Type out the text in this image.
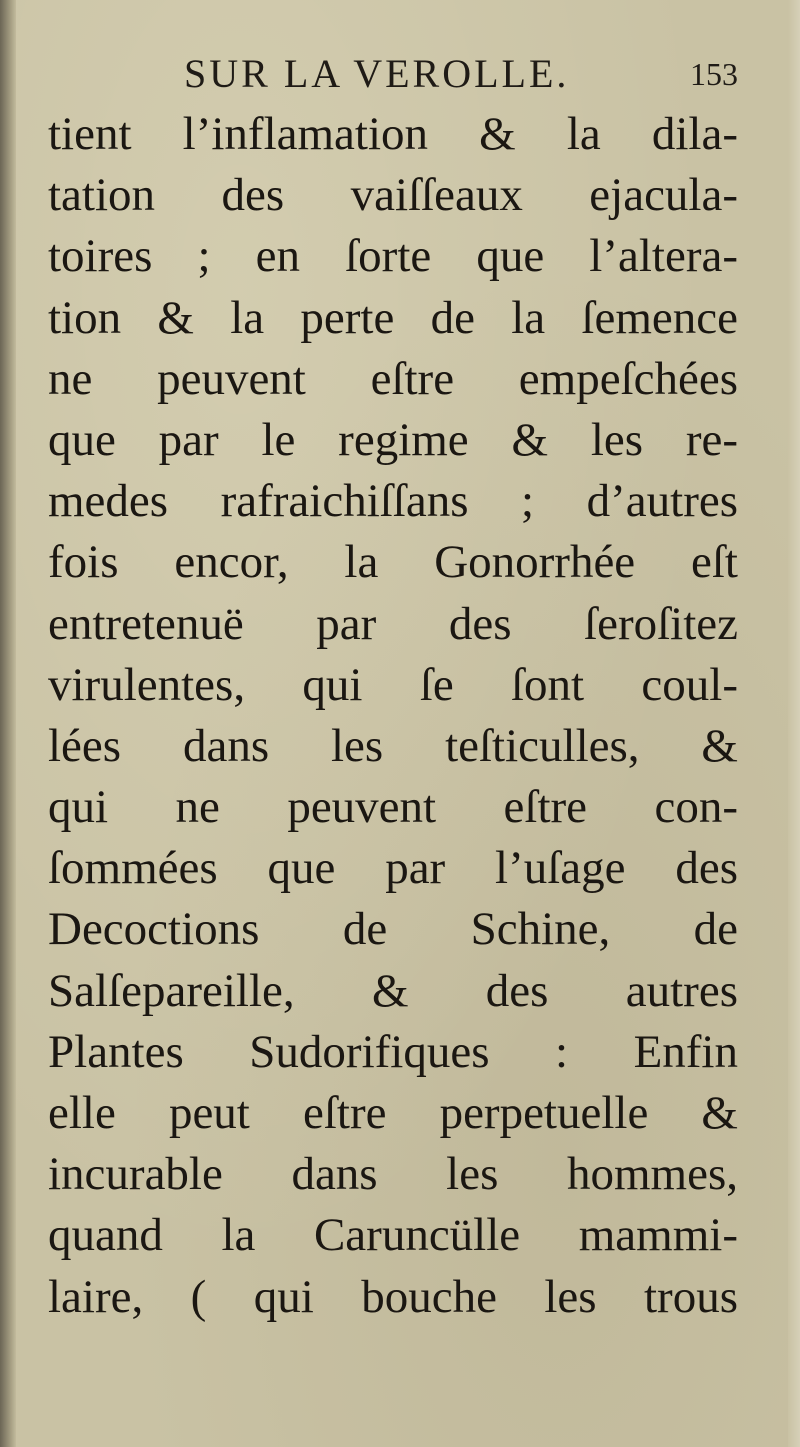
SUR LA VEROLLE.	153
tient l’inflamation & la dila-
tation des vaiſſeaux ejacula-
toires ; en ſorte que l’altera-
tion & la perte de la ſemence
ne peuvent eſtre empeſchées
que par le regime & les re-
medes rafraichiſſans ; d’autres
fois encor, la Gonorrhée eſt
entretenuë par des ſeroſitez
virulentes, qui ſe ſont coul-
lées dans les teſticulles, &
qui ne peuvent eſtre con-
ſommées que par l’uſage des
Decoctions de Schine, de
Salſepareille, & des autres
Plantes Sudorifiques : Enfin
elle peut eſtre perpetuelle &
incurable dans les hommes,
quand la Caruncülle mammi-
laire, ( qui bouche les trous
